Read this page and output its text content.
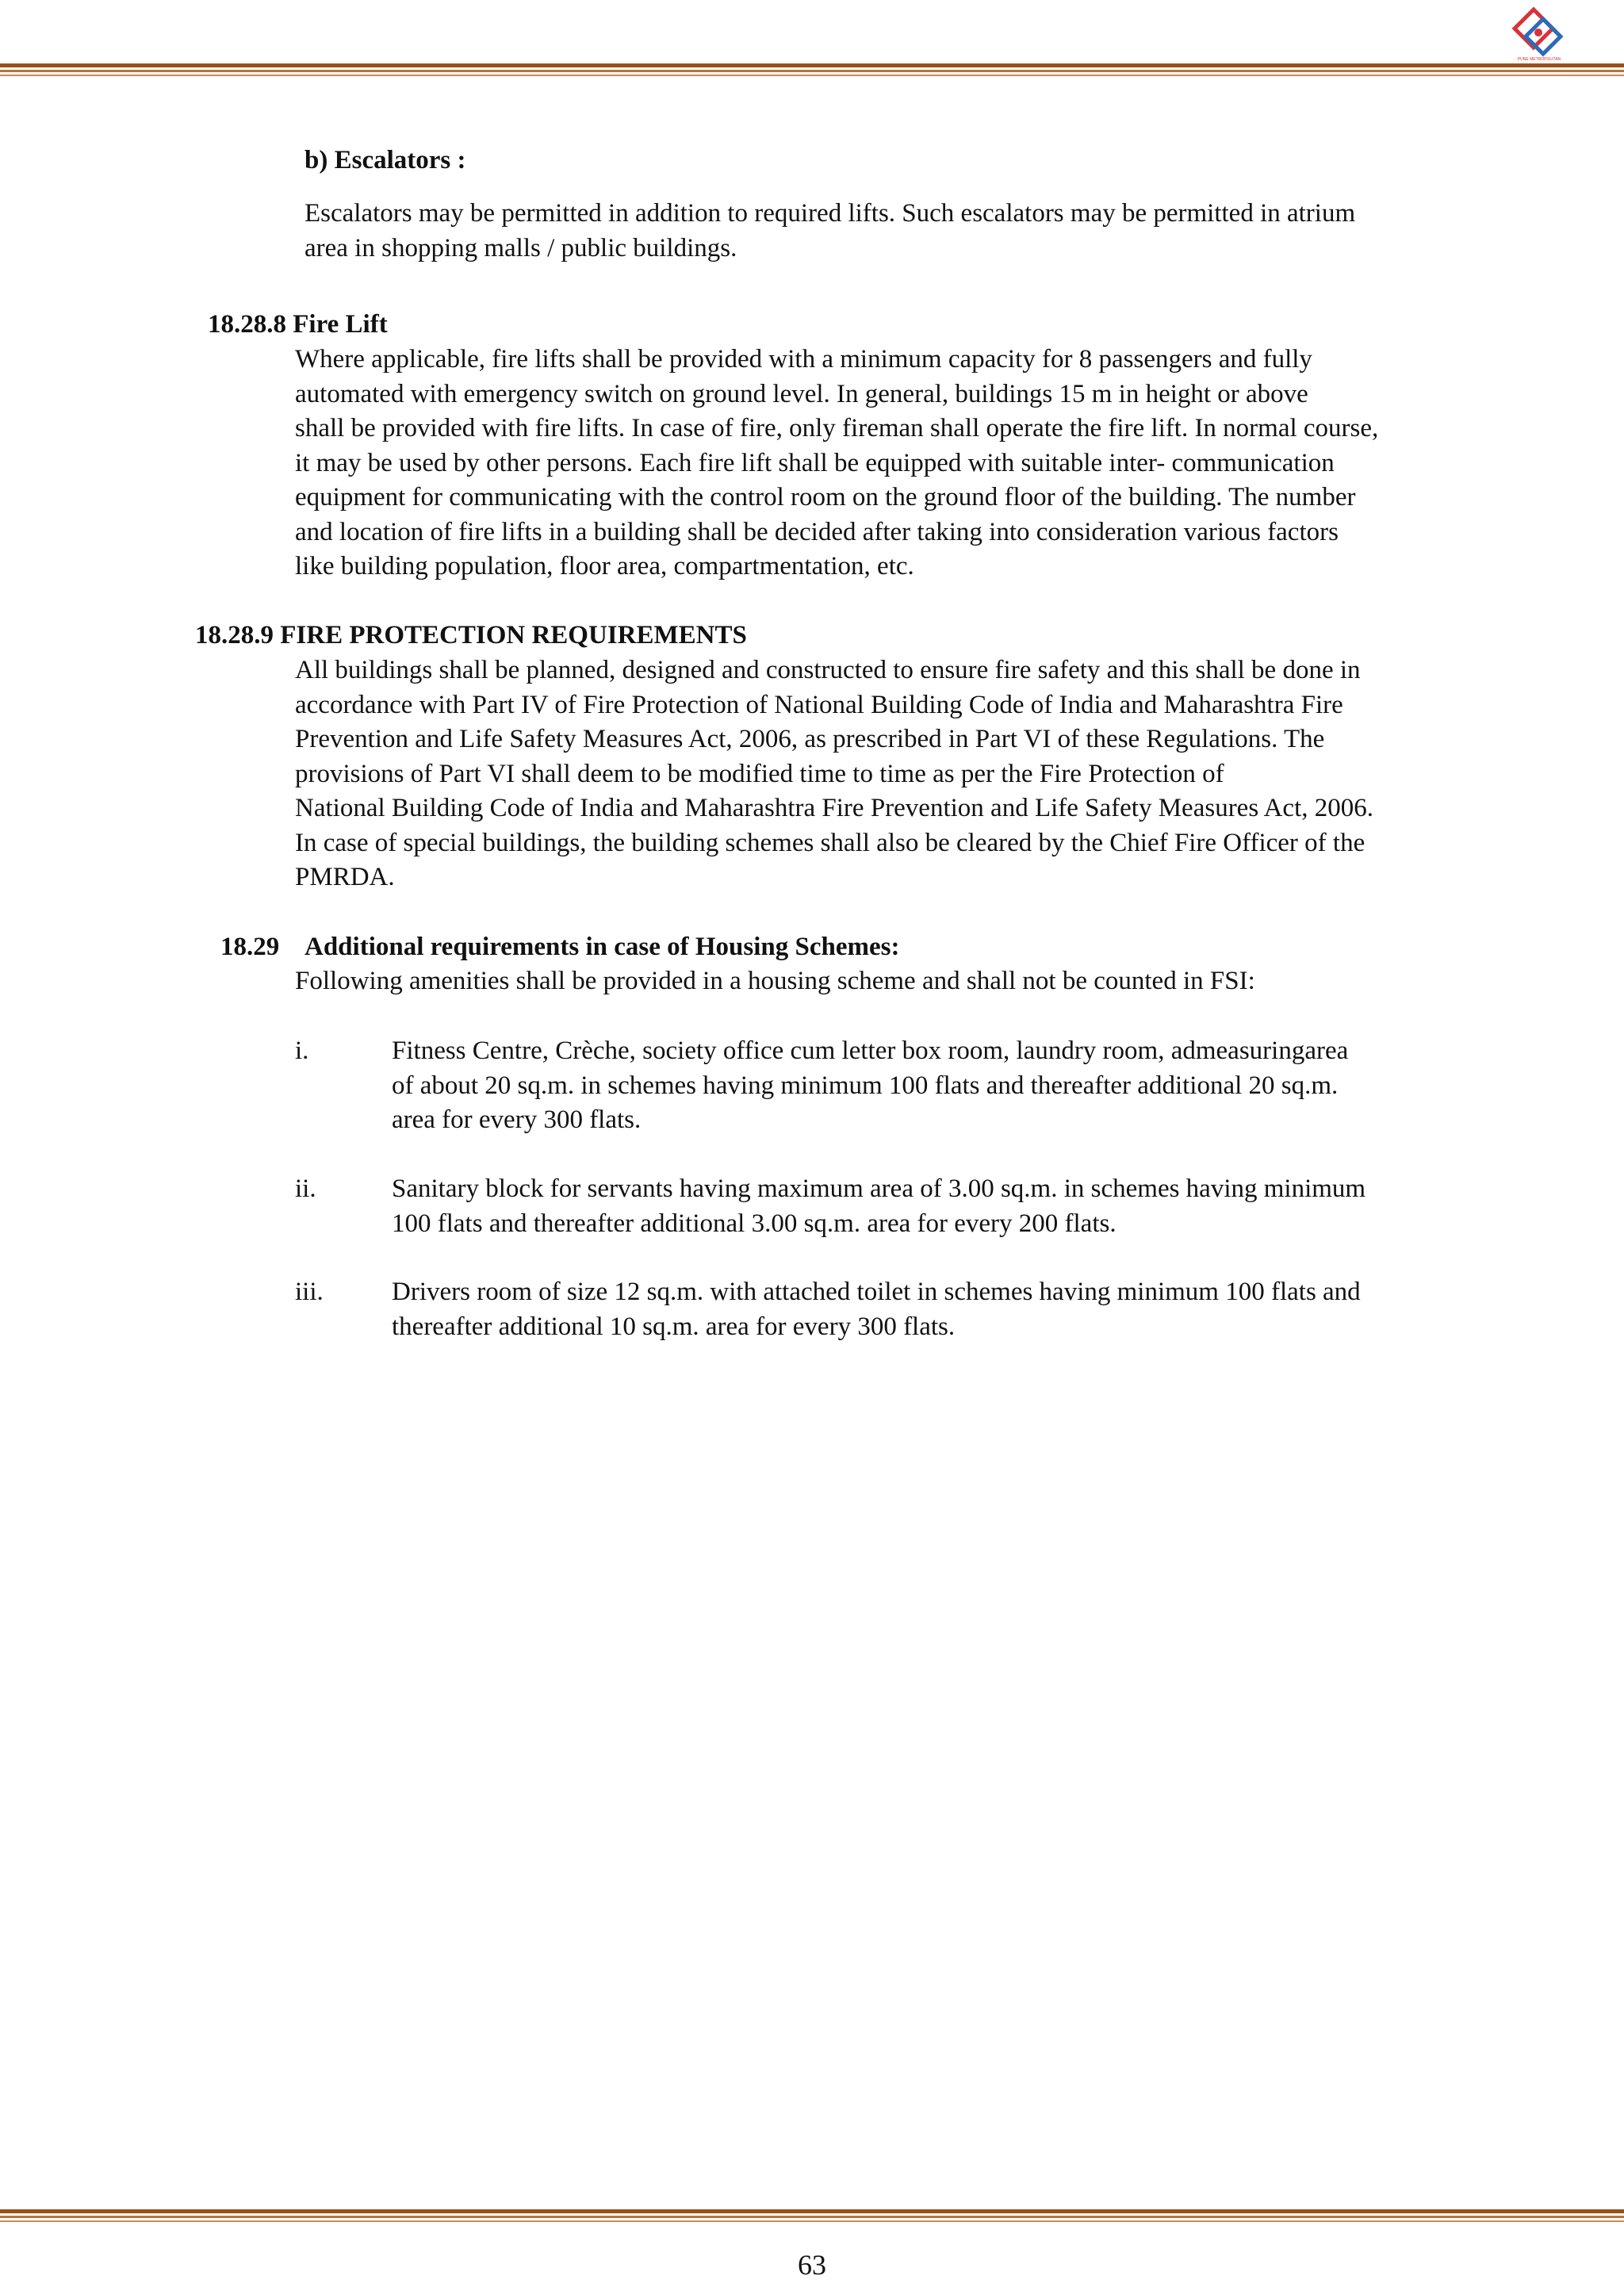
PUNE METROPOLITAN
b) Escalators :
Escalators may be permitted in addition to required lifts. Such escalators may be permitted in atrium
area in shopping malls / public buildings.
18.28.8 Fire Lift
Where applicable, fire lifts shall be provided with a minimum capacity for 8 passengers and fully
automated with emergency switch on ground level. In general, buildings 15 m in height or above
shall be provided with fire lifts. In case of fire, only fireman shall operate the fire lift. In normal course,
it may be used by other persons. Each fire lift shall be equipped with suitable inter- communication
equipment for communicating with the control room on the ground floor of the building. The number
and location of fire lifts in a building shall be decided after taking into consideration various factors
like building population, floor area, compartmentation, etc.
18.28.9 FIRE PROTECTION REQUIREMENTS
All buildings shall be planned, designed and constructed to ensure fire safety and this shall be done in
accordance with Part IV of Fire Protection of National Building Code of India and Maharashtra Fire
Prevention and Life Safety Measures Act, 2006, as prescribed in Part VI of these Regulations. The
provisions of Part VI shall deem to be modified time to time as per the Fire Protection of
National Building Code of India and Maharashtra Fire Prevention and Life Safety Measures Act, 2006.
In case of special buildings, the building schemes shall also be cleared by the Chief Fire Officer of the
PMRDA.
18.29 Additional requirements in case of Housing Schemes:
Following amenities shall be provided in a housing scheme and shall not be counted in FSI:
i.	Fitness Centre, Crèche, society office cum letter box room, laundry room, admeasuringarea
of about 20 sq.m. in schemes having minimum 100 flats and thereafter additional 20 sq.m.
area for every 300 flats.
ii.	Sanitary block for servants having maximum area of 3.00 sq.m. in schemes having minimum
100 flats and thereafter additional 3.00 sq.m. area for every 200 flats.
iii.	Drivers room of size 12 sq.m. with attached toilet in schemes having minimum 100 flats and
thereafter additional 10 sq.m. area for every 300 flats.
63
